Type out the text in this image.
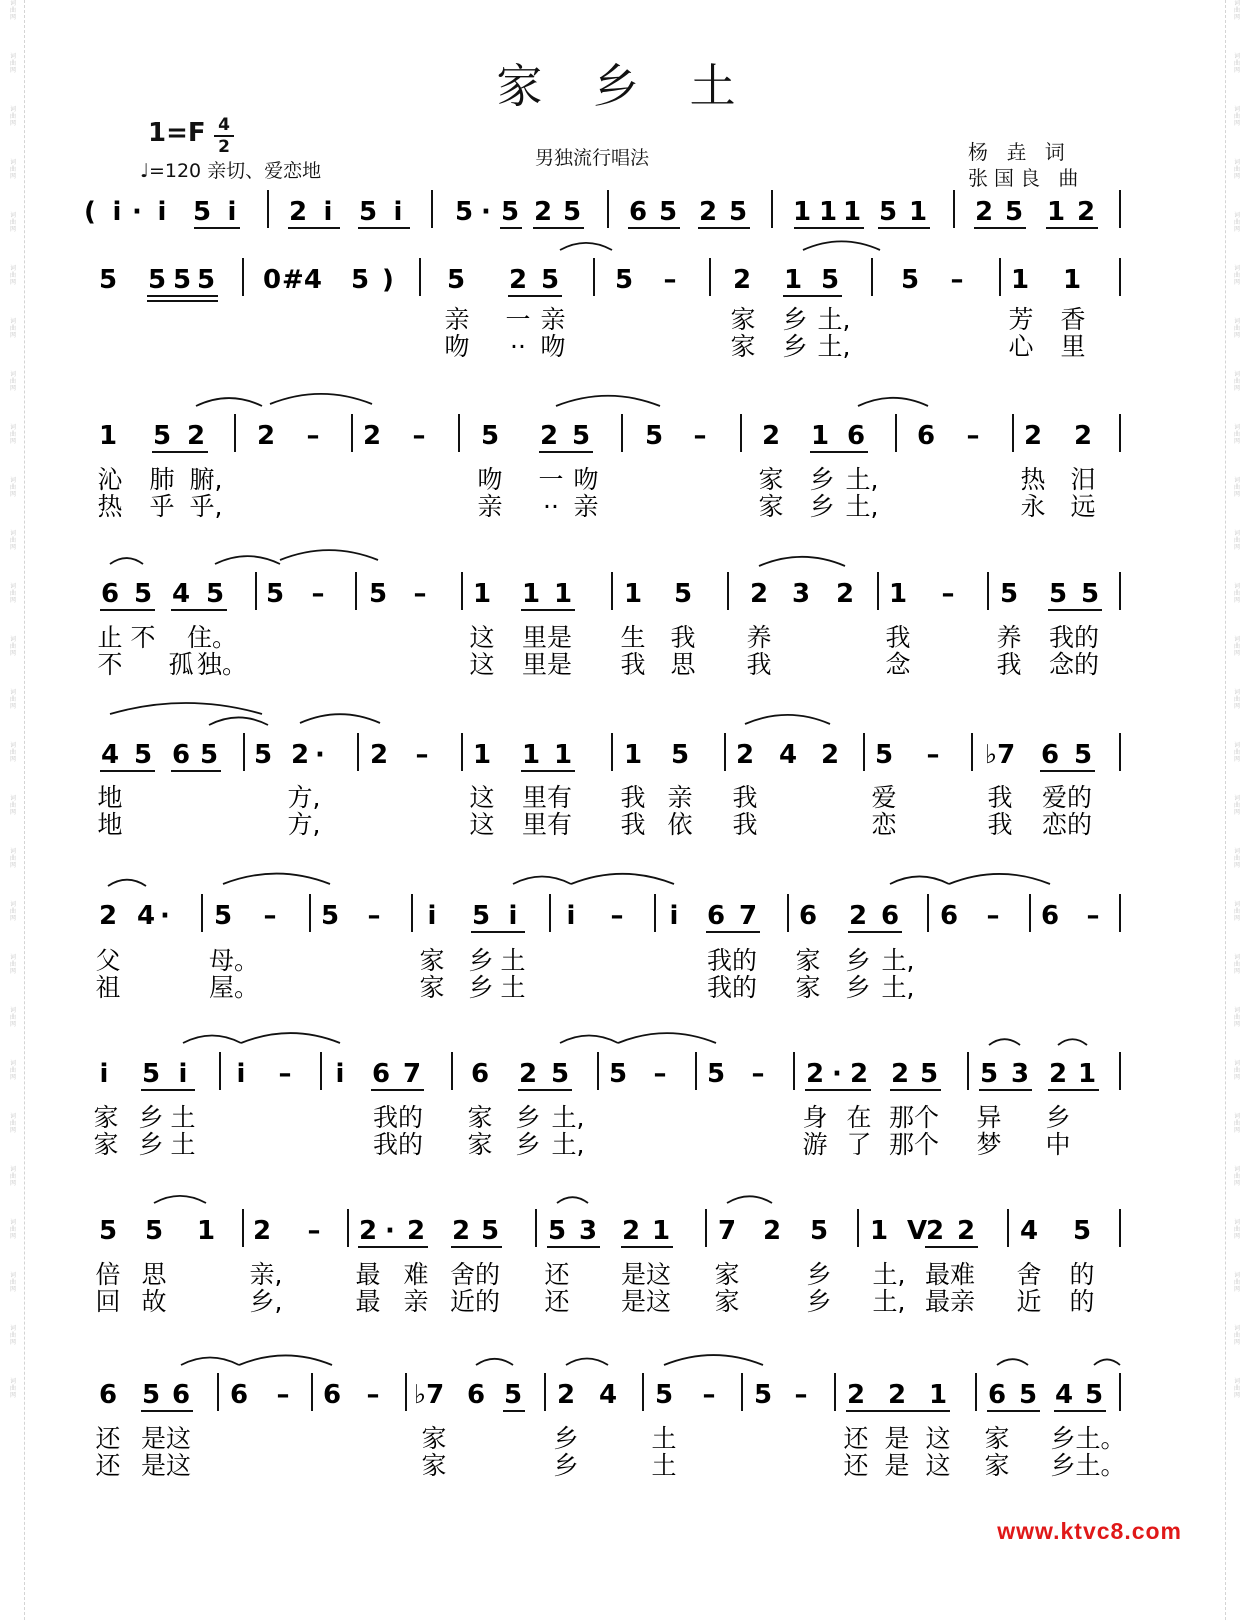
词
曲
网
词
曲
网
词
曲
网
词
曲
网
词
曲
网
词
曲
网
词
曲
网
词
曲
网
词
曲
网
词
曲
网
词
曲
网
词
曲
网
词
曲
网
词
曲
网
词
曲
网
词
曲
网
词
曲
网
词
曲
网
词
曲
网
词
曲
网
词
曲
网
词
曲
网
词
曲
网
词
曲
网
词
曲
网
词
曲
网
词
曲
网
词
曲
网
词
曲
网
词
曲
网
词
曲
网
词
曲
网
词
曲
网
词
曲
网
词
曲
网
词
曲
网
词
曲
网
词
曲
网
词
曲
网
词
曲
网
词
曲
网
词
曲
网
词
曲
网
词
曲
网
词
曲
网
词
曲
网
词
曲
网
词
曲
网
词
曲
网
词
曲
网
词
曲
网
词
曲
网
词
曲
网
词
曲
网
家 乡 土
1=F 4
2
♩=120 亲切、爱恋地
男独流行唱法	杨 垚 词
张国良 曲
( i · i 5 i 2 i 5 i 5 · 5 2 5 6 5 2 5 1 1 1 5 1 2 5 1 2
5 5 5 5 0 #4 5 ) 5 2 5 5 – 2 1 5 5 – 1 1
亲 一 亲	家 乡 土,	芳 香
吻 ·· 吻	家 乡 土,	心 里
1 5 2 2 – 2 – 5 2 5 5 – 2 1 6 6 – 2 2
沁 肺 腑,	吻 一 吻	家 乡 土,	热 汨
热 乎 乎,	亲 ·· 亲	家 乡 土,	永 远
6 5 4 5 5 – 5 – 1 1 1 1 5 2 3 2 1 – 5 5 5
止 不 住。	这 里是 生 我 养	我	养 我的
不 孤 独。	这 里是 我 思 我	念	我 念的
4 5 6 5 5 2 · 2 – 1 1 1 1 5 2 4 2 5 – ♭7 6 5
地	方,	这 里有 我 亲 我	爱	我 爱的
地	方,	这 里有 我 依 我	恋	我 恋的
2 4 · 5 – 5 – i 5 i i – i 6 7 6 2 6 6 – 6 –
父	母。	家 乡 土	我的 家 乡 土,
祖	屋。	家 乡 土	我的 家 乡 土,
i 5 i i – i 6 7 6 2 5 5 – 5 – 2 · 2 2 5 5 3 2 1
家 乡 土	我的 家 乡 土,	身 在 那个 异 乡
家 乡 土	我的 家 乡 土,	游 了 那个 梦 中
5 5 1 2 – 2 · 2 2 5 5 3 2 1 7 2 5 1 V
2 2 4 5
倍 思	亲,	最 难 舍的 还 是这 家	乡 土, 最难 舍 的
回 故	乡,	最 亲 近的 还 是这 家	乡 土, 最亲 近 的
6 5 6 6 – 6 – ♭7 6 5 2 4 5 – 5 – 2 2 1 6 5 4 5
还 是这	家	乡	土	还 是 这 家 乡土。
还 是这	家	乡	土	还 是 这 家 乡土。
www.ktvc8.com
